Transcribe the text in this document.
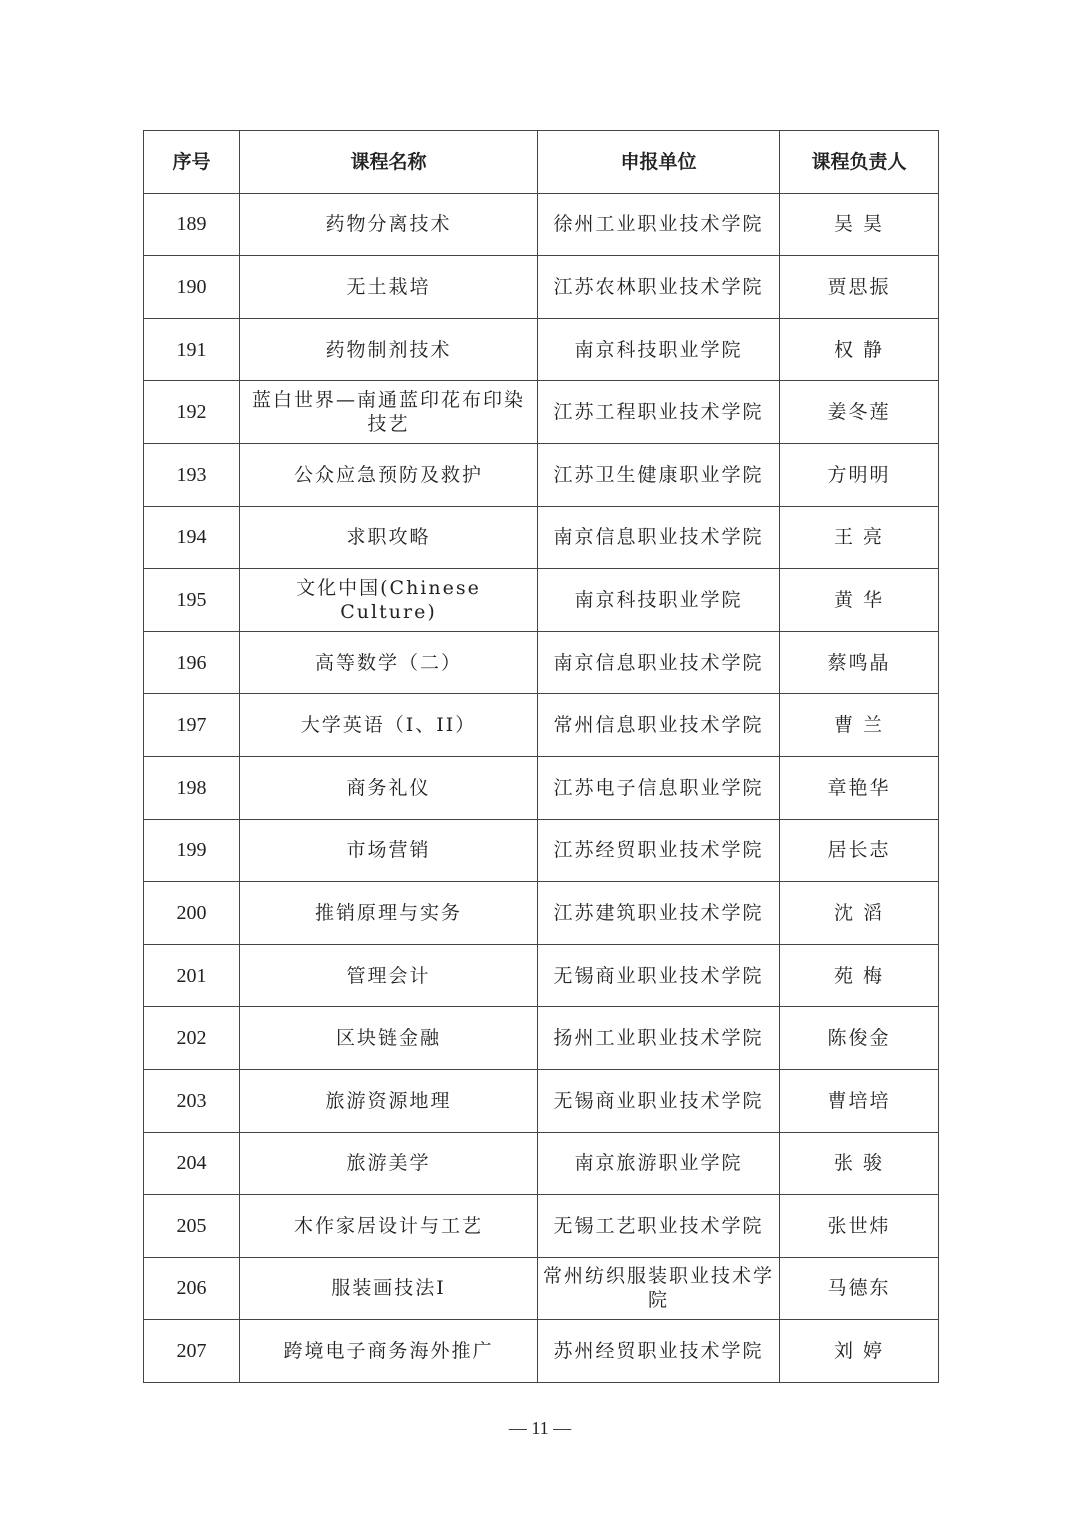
序号	课程名称	申报单位	课程负责人
189	药物分离技术	徐州工业职业技术学院	吴 昊
190	无土栽培	江苏农林职业技术学院	贾思振
191	药物制剂技术	南京科技职业学院	权 静
192	蓝白世界—南通蓝印花布印染技艺	江苏工程职业技术学院	姜冬莲
193	公众应急预防及救护	江苏卫生健康职业学院	方明明
194	求职攻略	南京信息职业技术学院	王 亮
195	文化中国(Chinese Culture)	南京科技职业学院	黄 华
196	高等数学（二）	南京信息职业技术学院	蔡鸣晶
197	大学英语（I、II）	常州信息职业技术学院	曹 兰
198	商务礼仪	江苏电子信息职业学院	章艳华
199	市场营销	江苏经贸职业技术学院	居长志
200	推销原理与实务	江苏建筑职业技术学院	沈 滔
201	管理会计	无锡商业职业技术学院	苑 梅
202	区块链金融	扬州工业职业技术学院	陈俊金
203	旅游资源地理	无锡商业职业技术学院	曹培培
204	旅游美学	南京旅游职业学院	张 骏
205	木作家居设计与工艺	无锡工艺职业技术学院	张世炜
206	服装画技法I	常州纺织服装职业技术学院	马德东
207	跨境电子商务海外推广	苏州经贸职业技术学院	刘 婷
— 11 —
